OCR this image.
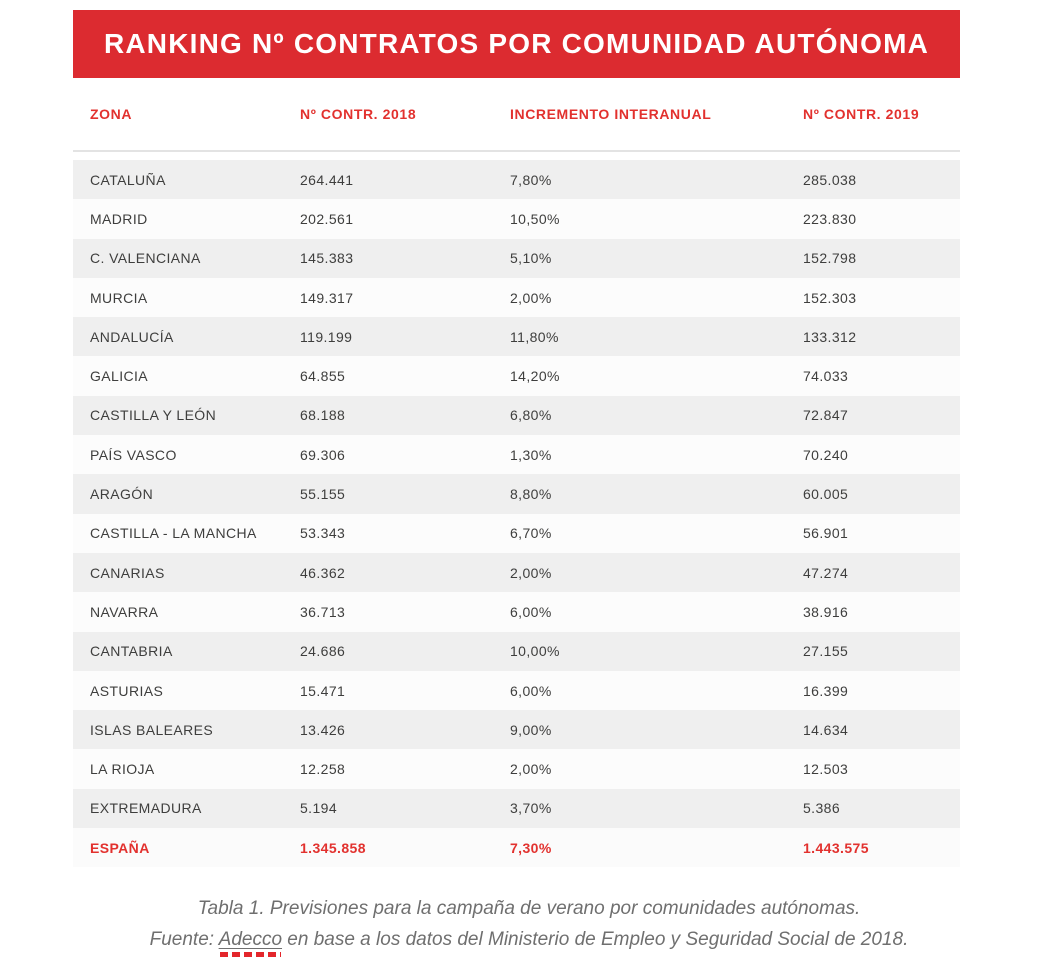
RANKING Nº CONTRATOS POR COMUNIDAD AUTÓNOMA
ZONA	Nº CONTR. 2018	INCREMENTO INTERANUAL	Nº CONTR. 2019
CATALUÑA	264.441	7,80%	285.038
MADRID	202.561	10,50%	223.830
C. VALENCIANA	145.383	5,10%	152.798
MURCIA	149.317	2,00%	152.303
ANDALUCÍA	119.199	11,80%	133.312
GALICIA	64.855	14,20%	74.033
CASTILLA Y LEÓN	68.188	6,80%	72.847
PAÍS VASCO	69.306	1,30%	70.240
ARAGÓN	55.155	8,80%	60.005
CASTILLA - LA MANCHA	53.343	6,70%	56.901
CANARIAS	46.362	2,00%	47.274
NAVARRA	36.713	6,00%	38.916
CANTABRIA	24.686	10,00%	27.155
ASTURIAS	15.471	6,00%	16.399
ISLAS BALEARES	13.426	9,00%	14.634
LA RIOJA	12.258	2,00%	12.503
EXTREMADURA	5.194	3,70%	5.386
ESPAÑA	1.345.858	7,30%	1.443.575
Tabla 1. Previsiones para la campaña de verano por comunidades autónomas.
Fuente: Adecco en base a los datos del Ministerio de Empleo y Seguridad Social de 2018.
